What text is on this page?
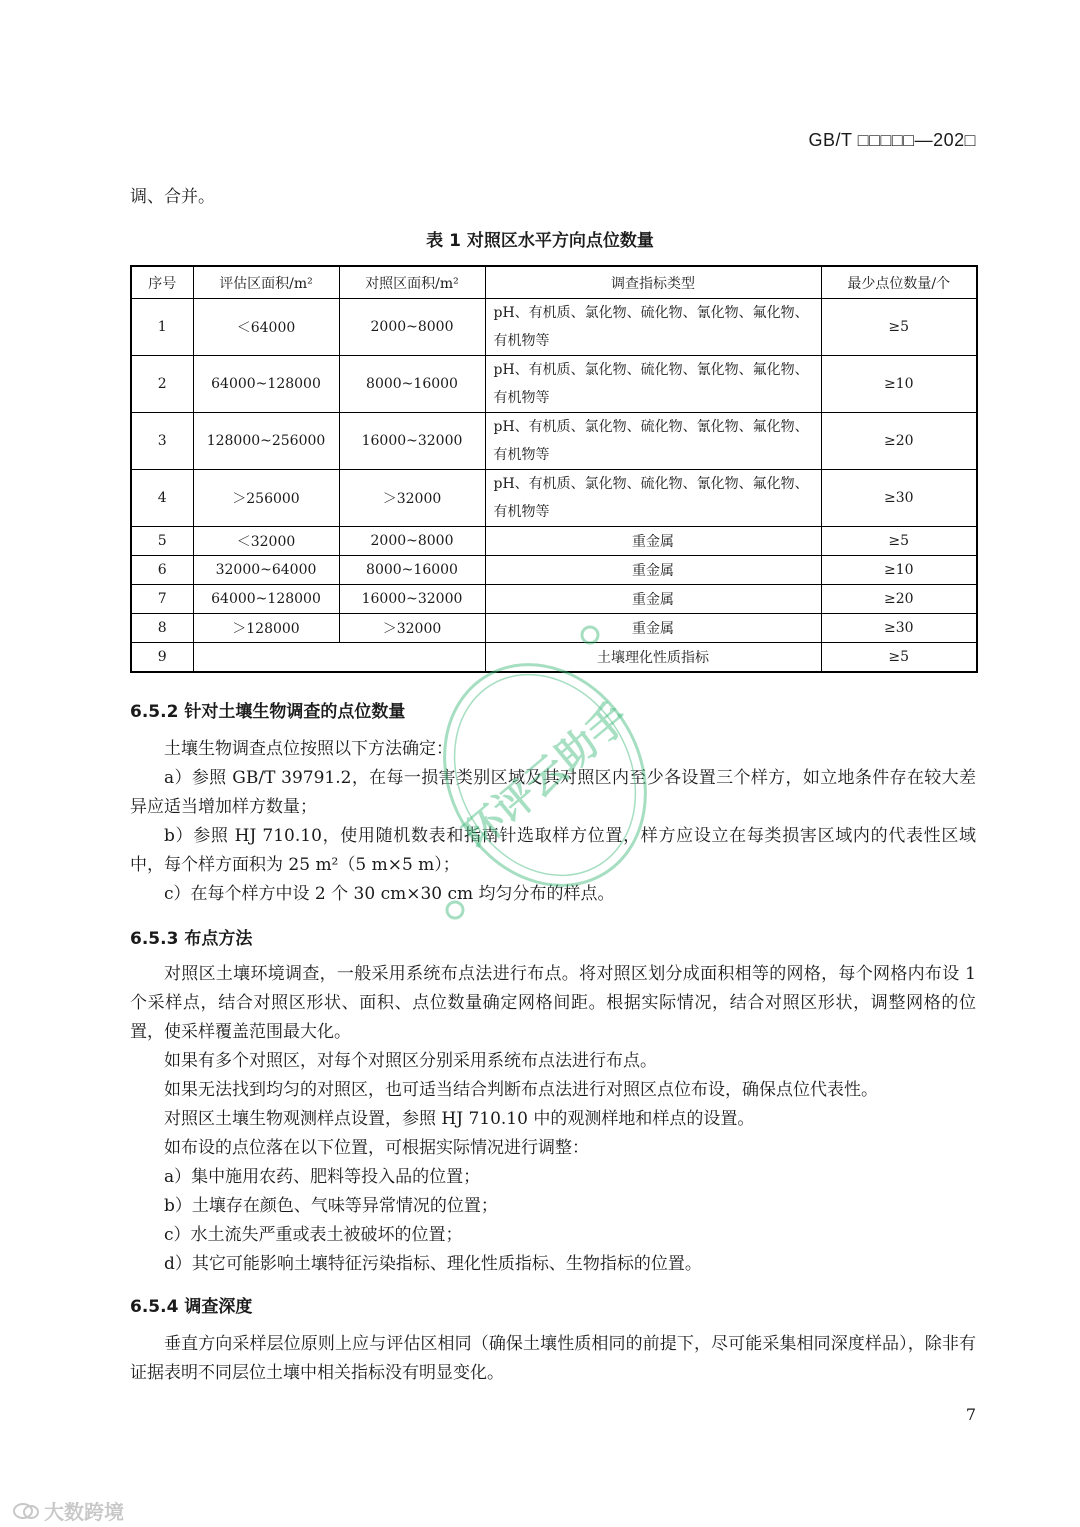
GB/T □□□□□—202□

调、合并。

表 1 对照区水平方向点位数量
序号	评估区面积/m²	对照区面积/m²	调查指标类型	最少点位数量/个
1	＜64000	2000~8000	pH、有机质、氯化物、硫化物、氰化物、氟化物、有机物等	≥5
2	64000~128000	8000~16000	pH、有机质、氯化物、硫化物、氰化物、氟化物、有机物等	≥10
3	128000~256000	16000~32000	pH、有机质、氯化物、硫化物、氰化物、氟化物、有机物等	≥20
4	＞256000	＞32000	pH、有机质、氯化物、硫化物、氰化物、氟化物、有机物等	≥30
5	＜32000	2000~8000	重金属	≥5
6	32000~64000	8000~16000	重金属	≥10
7	64000~128000	16000~32000	重金属	≥20
8	＞128000	＞32000	重金属	≥30
9			土壤理化性质指标	≥5
6.5.2 针对土壤生物调查的点位数量

土壤生物调查点位按照以下方法确定：

a）参照 GB/T 39791.2，在每一损害类别区域及其对照区内至少各设置三个样方，如立地条件存在较大差异应适当增加样方数量；

b）参照 HJ 710.10，使用随机数表和指南针选取样方位置，样方应设立在每类损害区域内的代表性区域中，每个样方面积为 25 m²（5 m×5 m）；

c）在每个样方中设 2 个 30 cm×30 cm 均匀分布的样点。

6.5.3 布点方法

对照区土壤环境调查，一般采用系统布点法进行布点。将对照区划分成面积相等的网格，每个网格内布设 1 个采样点，结合对照区形状、面积、点位数量确定网格间距。根据实际情况，结合对照区形状，调整网格的位置，使采样覆盖范围最大化。

如果有多个对照区，对每个对照区分别采用系统布点法进行布点。

如果无法找到均匀的对照区，也可适当结合判断布点法进行对照区点位布设，确保点位代表性。

对照区土壤生物观测样点设置，参照 HJ 710.10 中的观测样地和样点的设置。

如布设的点位落在以下位置，可根据实际情况进行调整：

a）集中施用农药、肥料等投入品的位置；

b）土壤存在颜色、气味等异常情况的位置；

c）水土流失严重或表土被破坏的位置；

d）其它可能影响土壤特征污染指标、理化性质指标、生物指标的位置。

6.5.4 调查深度

垂直方向采样层位原则上应与评估区相同（确保土壤性质相同的前提下，尽可能采集相同深度样品），除非有证据表明不同层位土壤中相关指标没有明显变化。

7
环评云助手
大数跨境
